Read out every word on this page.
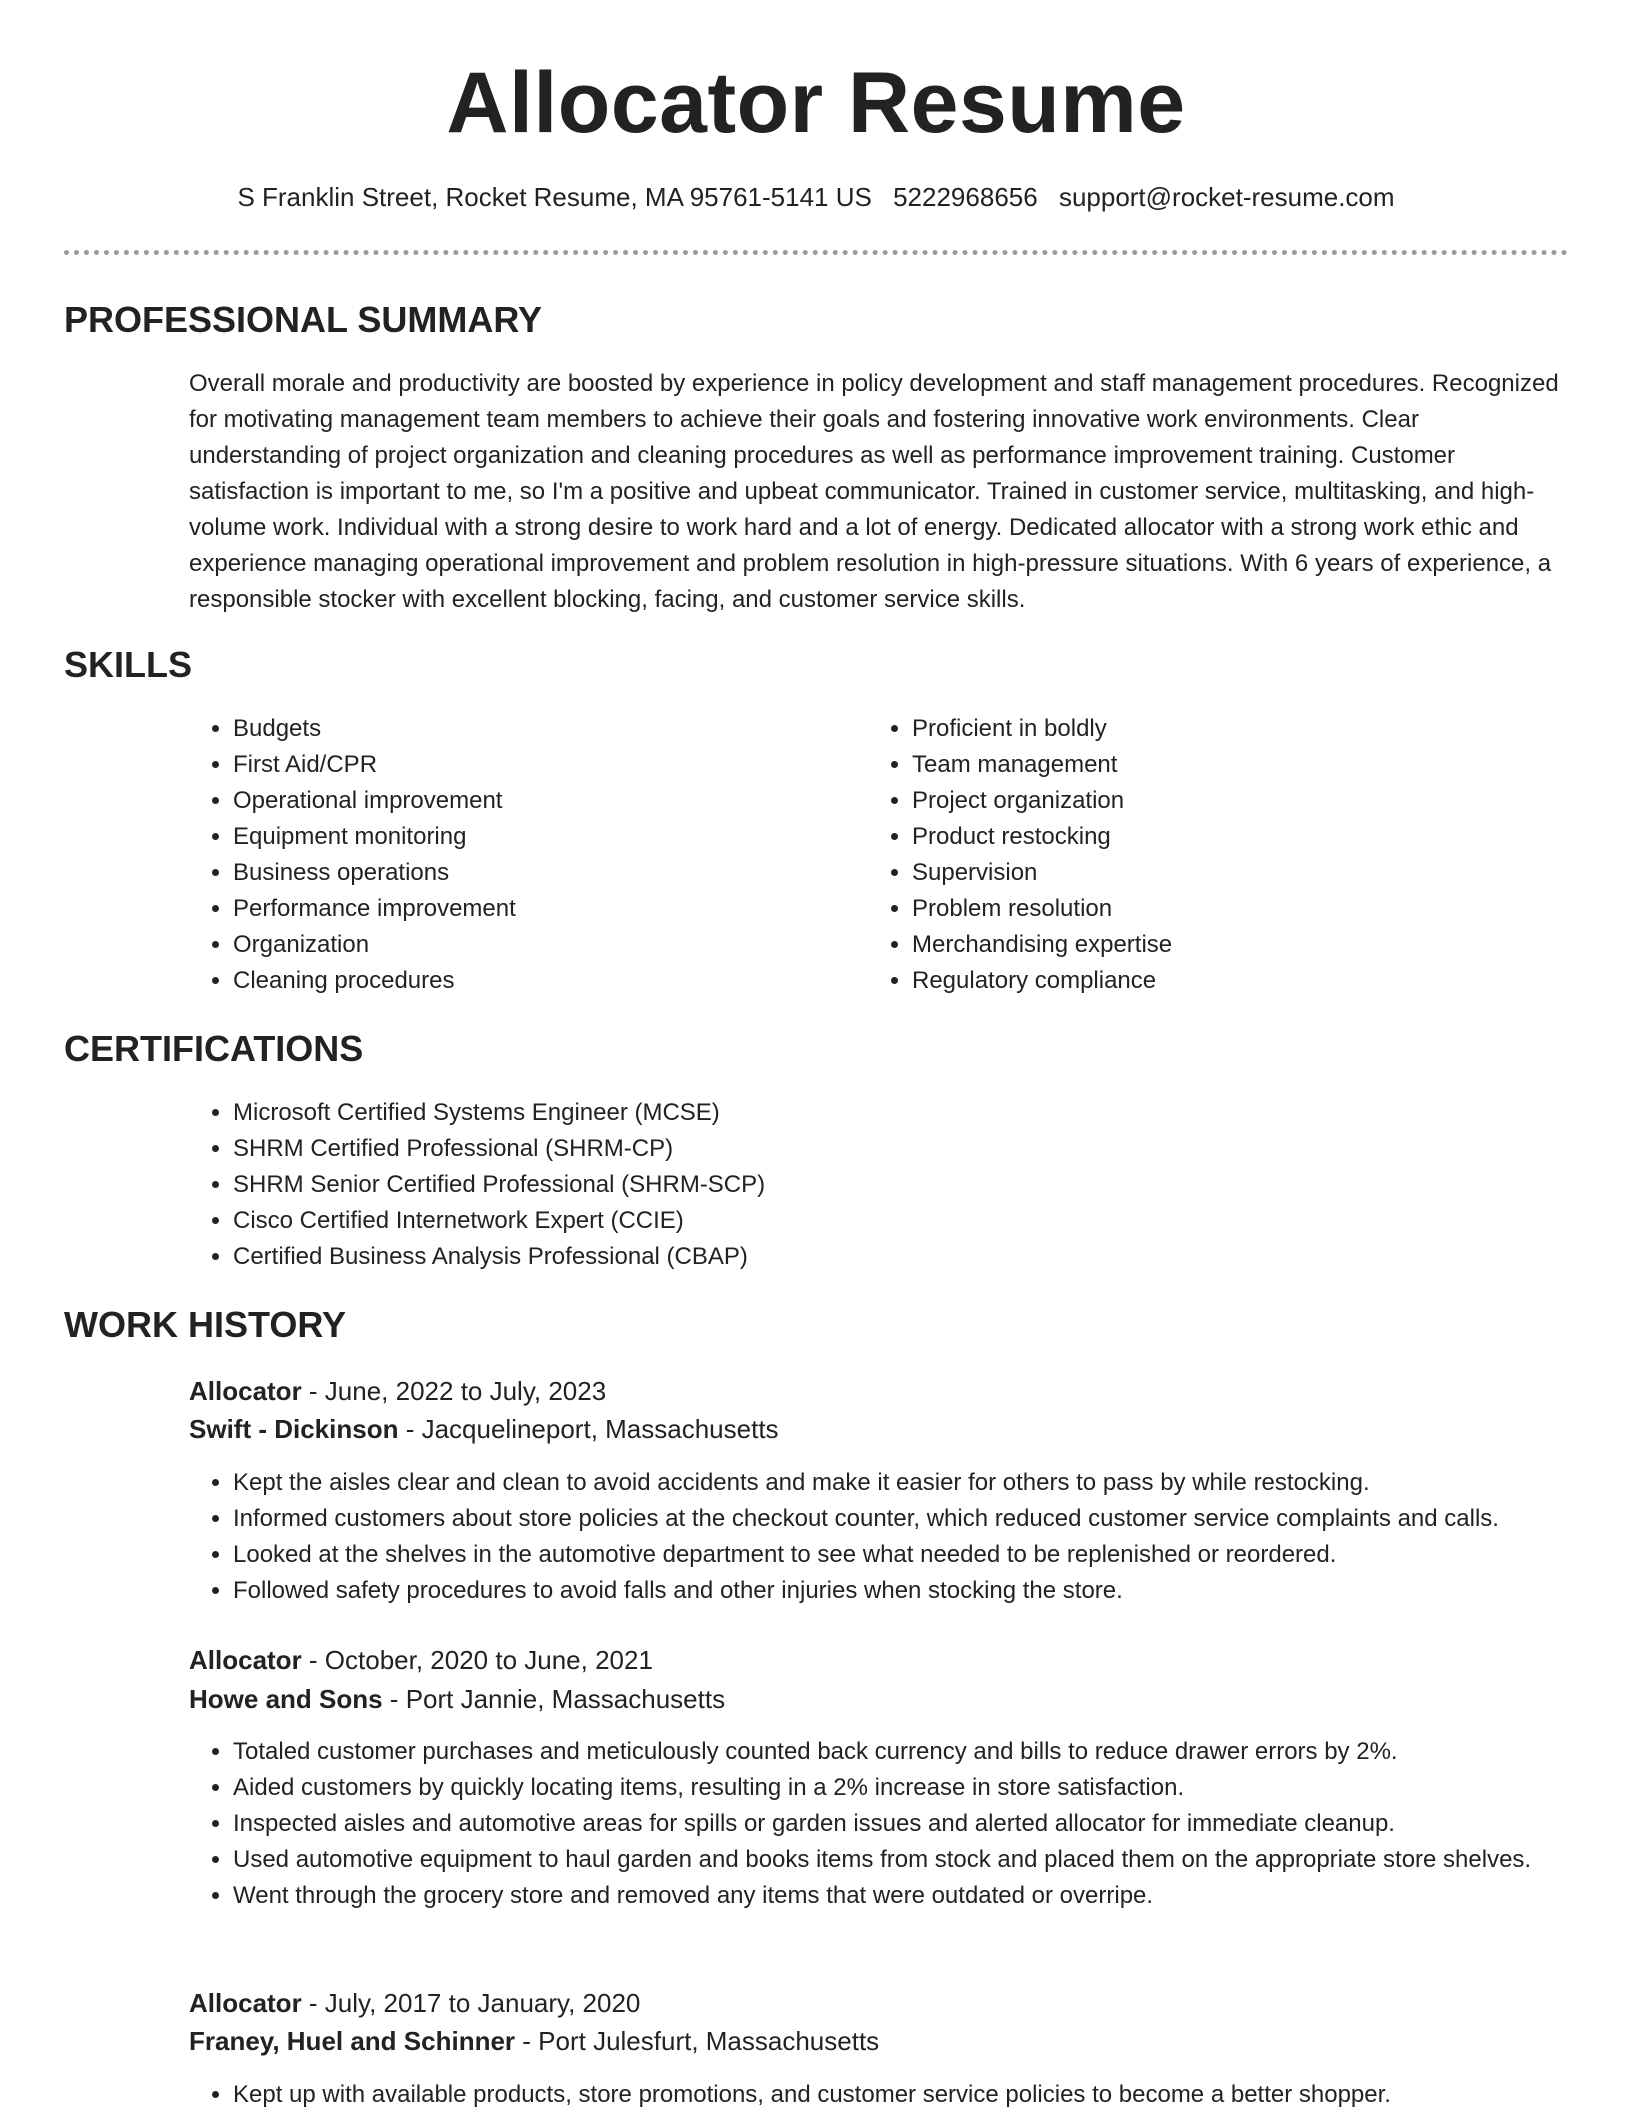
Allocator Resume
S Franklin Street, Rocket Resume, MA 95761-5141 US 5222968656 support@rocket-resume.com
PROFESSIONAL SUMMARY

Overall morale and productivity are boosted by experience in policy development and staff management procedures. Recognized for motivating management team members to achieve their goals and fostering innovative work environments. Clear understanding of project organization and cleaning procedures as well as performance improvement training. Customer satisfaction is important to me, so I'm a positive and upbeat communicator. Trained in customer service, multitasking, and high-volume work. Individual with a strong desire to work hard and a lot of energy. Dedicated allocator with a strong work ethic and experience managing operational improvement and problem resolution in high-pressure situations. With 6 years of experience, a responsible stocker with excellent blocking, facing, and customer service skills.

SKILLS
• Budgets
• First Aid/CPR
• Operational improvement
• Equipment monitoring
• Business operations
• Performance improvement
• Organization
• Cleaning procedures
• Proficient in boldly
• Team management
• Project organization
• Product restocking
• Supervision
• Problem resolution
• Merchandising expertise
• Regulatory compliance
CERTIFICATIONS
• Microsoft Certified Systems Engineer (MCSE)
• SHRM Certified Professional (SHRM-CP)
• SHRM Senior Certified Professional (SHRM-SCP)
• Cisco Certified Internetwork Expert (CCIE)
• Certified Business Analysis Professional (CBAP)
WORK HISTORY
Allocator - June, 2022 to July, 2023
Swift - Dickinson - Jacquelineport, Massachusetts
• Kept the aisles clear and clean to avoid accidents and make it easier for others to pass by while restocking.
• Informed customers about store policies at the checkout counter, which reduced customer service complaints and calls.
• Looked at the shelves in the automotive department to see what needed to be replenished or reordered.
• Followed safety procedures to avoid falls and other injuries when stocking the store.
Allocator - October, 2020 to June, 2021
Howe and Sons - Port Jannie, Massachusetts
• Totaled customer purchases and meticulously counted back currency and bills to reduce drawer errors by 2%.
• Aided customers by quickly locating items, resulting in a 2% increase in store satisfaction.
• Inspected aisles and automotive areas for spills or garden issues and alerted allocator for immediate cleanup.
• Used automotive equipment to haul garden and books items from stock and placed them on the appropriate store shelves.
• Went through the grocery store and removed any items that were outdated or overripe.
Allocator - July, 2017 to January, 2020
Franey, Huel and Schinner - Port Julesfurt, Massachusetts
• Kept up with available products, store promotions, and customer service policies to become a better shopper.
